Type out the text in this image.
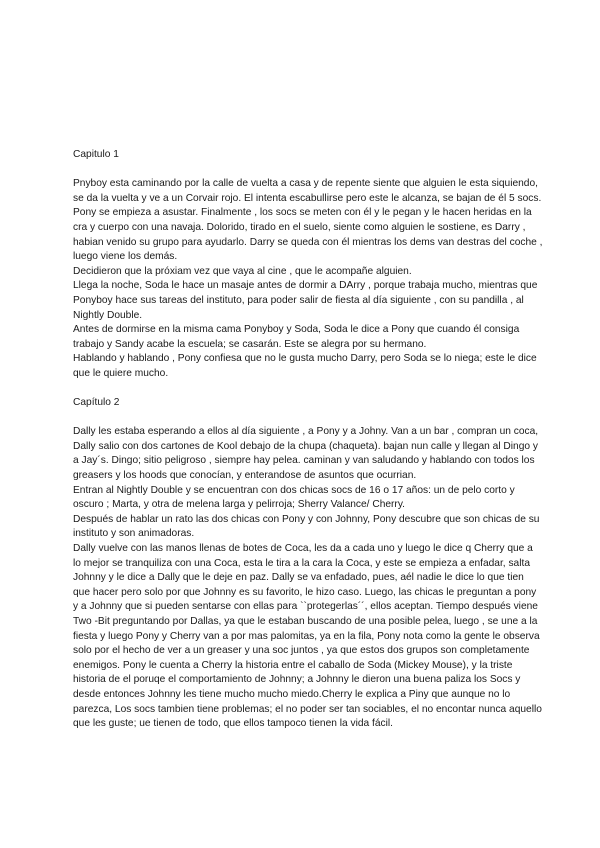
Capitulo 1

Pnyboy esta caminando por la calle de vuelta a casa y de repente siente que alguien le esta siquiendo, se da la vuelta y ve a un Corvair rojo. El intenta escabullirse pero este le alcanza, se bajan de él 5 socs. Pony se empieza a asustar. Finalmente , los socs se meten con él y le pegan y le hacen heridas en la cra y cuerpo con una navaja. Dolorido, tirado en el suelo, siente como alguien le sostiene, es Darry , habian venido su grupo para ayudarlo. Darry se queda con él mientras los dems van destras del coche , luego viene los demás.

Decidieron que la próxiam vez que vaya al cine , que le acompañe alguien.

Llega la noche, Soda le hace un masaje antes de dormir a DArry , porque trabaja mucho, mientras que Ponyboy hace sus tareas del instituto, para poder salir de fiesta al día siguiente , con su pandilla , al Nightly Double.

Antes de dormirse en la misma cama Ponyboy y Soda, Soda le dice a Pony que cuando él consiga trabajo y Sandy acabe la escuela; se casarán. Este se alegra por su hermano.

Hablando y hablando , Pony confiesa que no le gusta mucho Darry, pero Soda se lo niega; este le dice que le quiere mucho.

Capítulo 2

Dally les estaba esperando a ellos al día siguiente , a Pony y a Johny. Van a un bar , compran un coca, Dally salio con dos cartones de Kool debajo de la chupa (chaqueta). bajan nun calle y llegan al Dingo y a Jay´s. Dingo; sitio peligroso , siempre hay pelea. caminan y van saludando y hablando con todos los greasers y los hoods que conocían, y enterandose de asuntos que ocurrian.

Entran al Nightly Double y se encuentran con dos chicas socs de 16 o 17 años: un de pelo corto y oscuro ; Marta, y otra de melena larga y pelirroja; Sherry Valance/ Cherry.

Después de hablar un rato las dos chicas con Pony y con Johnny, Pony descubre que son chicas de su instituto y son animadoras.

Dally vuelve con las manos llenas de botes de Coca, les da a cada uno y luego le dice q Cherry que a lo mejor se tranquiliza con una Coca, esta le tira a la cara la Coca, y este se empieza a enfadar, salta Johnny y le dice a Dally que le deje en paz. Dally se va enfadado, pues, aél nadie le dice lo que tien que hacer pero solo por que Johnny es su favorito, le hizo caso. Luego, las chicas le preguntan a pony y a Johnny que si pueden sentarse con ellas para ``protegerlas´´, ellos aceptan. Tiempo después viene Two -Bit preguntando por Dallas, ya que le estaban buscando de una posible pelea, luego , se une a la fiesta y luego Pony y Cherry van a por mas palomitas, ya en la fila, Pony nota como la gente le observa solo por el hecho de ver a un greaser y una soc juntos , ya que estos dos grupos son completamente enemigos. Pony le cuenta a Cherry la historia entre el caballo de Soda (Mickey Mouse), y la triste historia de el poruqe el comportamiento de Johnny; a Johnny le dieron una buena paliza los Socs y desde entonces Johnny les tiene mucho mucho miedo.Cherry le explica a Piny que aunque no lo parezca, Los socs tambien tiene problemas; el no poder ser tan sociables, el no encontar nunca aquello que les guste; ue tienen de todo, que ellos tampoco tienen la vida fácil.
